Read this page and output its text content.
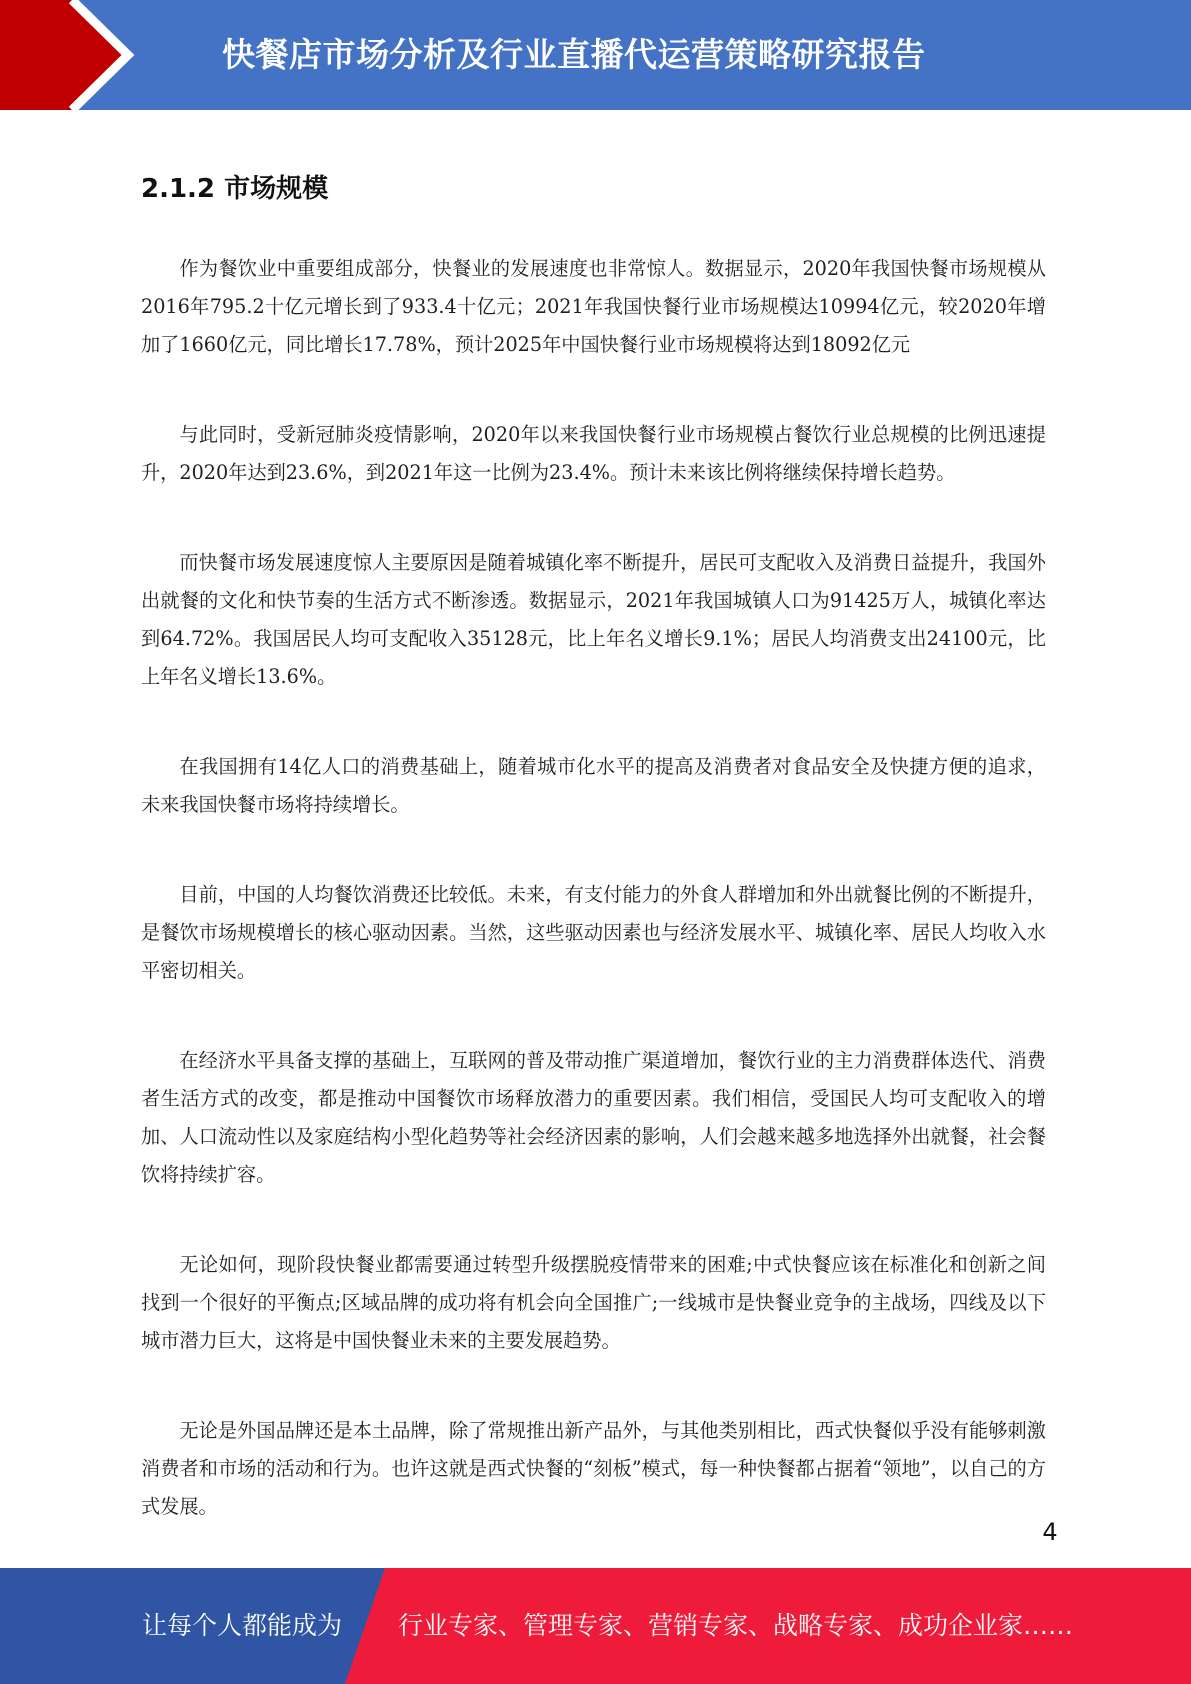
快餐店市场分析及行业直播代运营策略研究报告
2.1.2 市场规模

作为餐饮业中重要组成部分，快餐业的发展速度也非常惊人。数据显示，2020年我国快餐市场规模从2016年795.2十亿元增长到了933.4十亿元；2021年我国快餐行业市场规模达10994亿元，较2020年增加了1660亿元，同比增长17.78%，预计2025年中国快餐行业市场规模将达到18092亿元

与此同时，受新冠肺炎疫情影响，2020年以来我国快餐行业市场规模占餐饮行业总规模的比例迅速提升，2020年达到23.6%，到2021年这一比例为23.4%。预计未来该比例将继续保持增长趋势。

而快餐市场发展速度惊人主要原因是随着城镇化率不断提升，居民可支配收入及消费日益提升，我国外出就餐的文化和快节奏的生活方式不断渗透。数据显示，2021年我国城镇人口为91425万人，城镇化率达到64.72%。我国居民人均可支配收入35128元，比上年名义增长9.1%；居民人均消费支出24100元，比上年名义增长13.6%。

在我国拥有14亿人口的消费基础上，随着城市化水平的提高及消费者对食品安全及快捷方便的追求，未来我国快餐市场将持续增长。

目前，中国的人均餐饮消费还比较低。未来，有支付能力的外食人群增加和外出就餐比例的不断提升，是餐饮市场规模增长的核心驱动因素。当然，这些驱动因素也与经济发展水平、城镇化率、居民人均收入水平密切相关。

在经济水平具备支撑的基础上，互联网的普及带动推广渠道增加，餐饮行业的主力消费群体迭代、消费者生活方式的改变，都是推动中国餐饮市场释放潜力的重要因素。我们相信，受国民人均可支配收入的增加、人口流动性以及家庭结构小型化趋势等社会经济因素的影响，人们会越来越多地选择外出就餐，社会餐饮将持续扩容。

无论如何，现阶段快餐业都需要通过转型升级摆脱疫情带来的困难;中式快餐应该在标准化和创新之间找到一个很好的平衡点;区域品牌的成功将有机会向全国推广;一线城市是快餐业竞争的主战场，四线及以下城市潜力巨大，这将是中国快餐业未来的主要发展趋势。

无论是外国品牌还是本土品牌，除了常规推出新产品外，与其他类别相比，西式快餐似乎没有能够刺激消费者和市场的活动和行为。也许这就是西式快餐的“刻板”模式，每一种快餐都占据着“领地”，以自己的方式发展。

4
让每个人都能成为 行业专家、管理专家、营销专家、战略专家、成功企业家……
